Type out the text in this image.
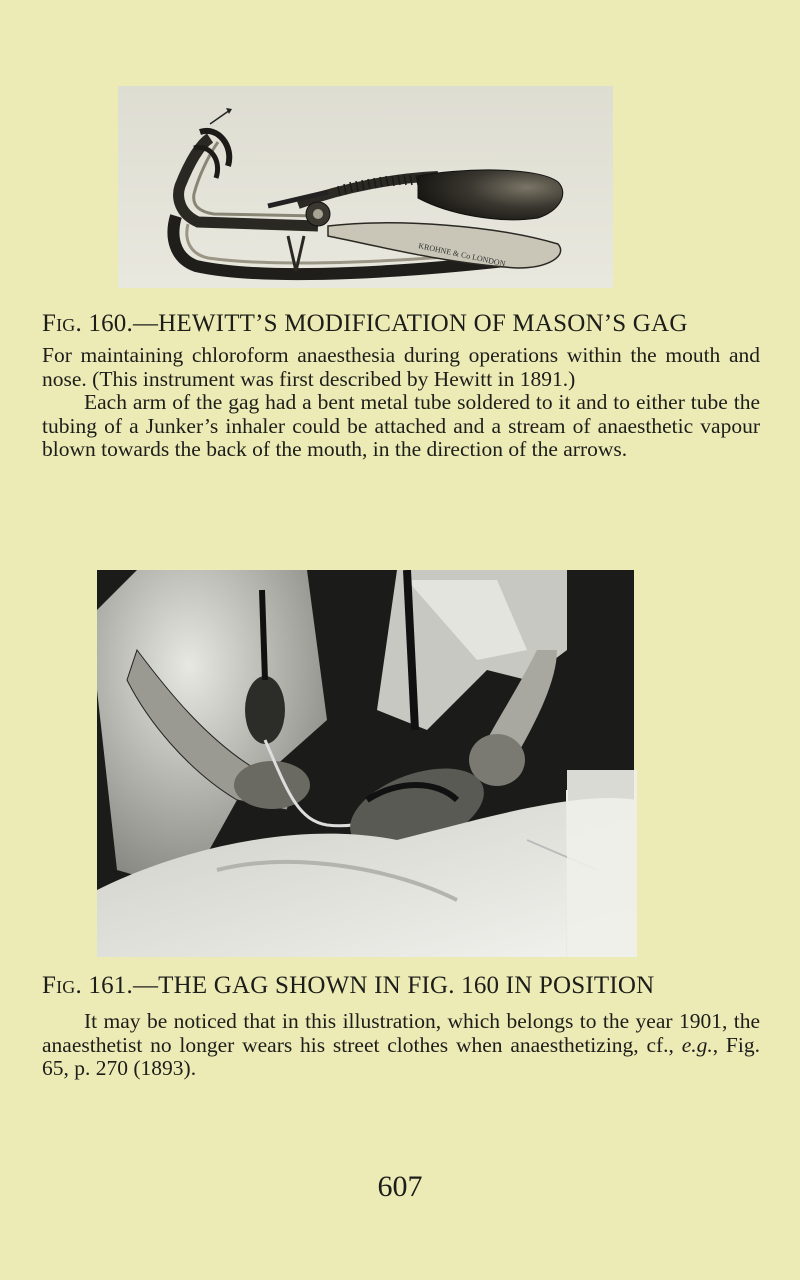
KROHNE & Co LONDON
Fig. 160.—HEWITT’S MODIFICATION OF MASON’S GAG

For maintaining chloroform anaesthesia during operations within the mouth and nose. (This instrument was first described by Hewitt in 1891.)

Each arm of the gag had a bent metal tube soldered to it and to either tube the tubing of a Junker’s inhaler could be attached and a stream of anaesthetic vapour blown towards the back of the mouth, in the direction of the arrows.

Fig. 161.—THE GAG SHOWN IN FIG. 160 IN POSITION

It may be noticed that in this illustration, which belongs to the year 1901, the anaesthetist no longer wears his street clothes when anaesthetizing, cf., e.g., Fig. 65, p. 270 (1893).

607
